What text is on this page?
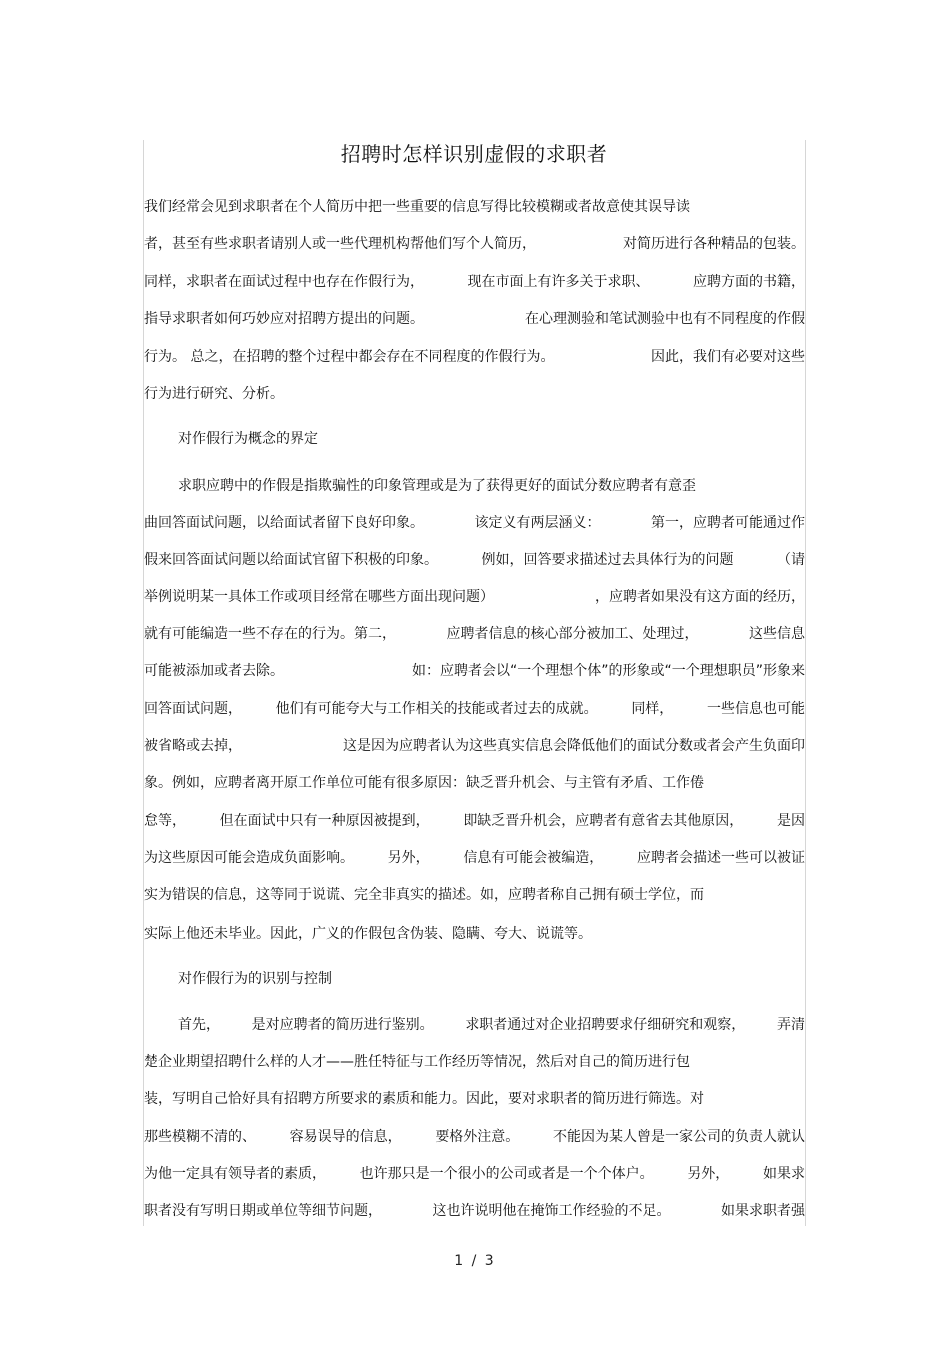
招聘时怎样识别虚假的求职者
我们经常会见到求职者在个人简历中把一些重要的信息写得比较模糊或者故意使其误导读
者，甚至有些求职者请别人或一些代理机构帮他们写个人简历，	对简历进行各种精品的包装。
同样，求职者在面试过程中也存在作假行为，	现在市面上有许多关于求职、	应聘方面的书籍，
指导求职者如何巧妙应对招聘方提出的问题。	在心理测验和笔试测验中也有不同程度的作假
行为。 总之，在招聘的整个过程中都会存在不同程度的作假行为。	因此，我们有必要对这些
行为进行研究、分析。
对作假行为概念的界定
求职应聘中的作假是指欺骗性的印象管理或是为了获得更好的面试分数应聘者有意歪
曲回答面试问题，以给面试者留下良好印象。	该定义有两层涵义：	第一，应聘者可能通过作
假来回答面试问题以给面试官留下积极的印象。	例如，回答要求描述过去具体行为的问题	（请
举例说明某一具体工作或项目经常在哪些方面出现问题）	，应聘者如果没有这方面的经历，
就有可能编造一些不存在的行为。第二，	应聘者信息的核心部分被加工、处理过，	这些信息
可能被添加或者去除。	如：应聘者会以“一个理想个体”的形象或“一个理想职员”形象来
回答面试问题， 他们有可能夸大与工作相关的技能或者过去的成就。 同样， 一些信息也可能
被省略或去掉，	这是因为应聘者认为这些真实信息会降低他们的面试分数或者会产生负面印
象。例如，应聘者离开原工作单位可能有很多原因：缺乏晋升机会、与主管有矛盾、工作倦
怠等， 但在面试中只有一种原因被提到， 即缺乏晋升机会，应聘者有意省去其他原因， 是因
为这些原因可能会造成负面影响。 另外， 信息有可能会被编造， 应聘者会描述一些可以被证
实为错误的信息，这等同于说谎、完全非真实的描述。如，应聘者称自己拥有硕士学位，而
实际上他还未毕业。因此，广义的作假包含伪装、隐瞒、夸大、说谎等。
对作假行为的识别与控制
首先， 是对应聘者的简历进行鉴别。 求职者通过对企业招聘要求仔细研究和观察， 弄清
楚企业期望招聘什么样的人才——胜任特征与工作经历等情况，然后对自己的简历进行包
装，写明自己恰好具有招聘方所要求的素质和能力。因此，要对求职者的简历进行筛选。对
那些模糊不清的、 容易误导的信息， 要格外注意。 不能因为某人曾是一家公司的负责人就认
为他一定具有领导者的素质， 也许那只是一个很小的公司或者是一个个体户。 另外， 如果求
职者没有写明日期或单位等细节问题，	这也许说明他在掩饰工作经验的不足。	如果求职者强
1 / 3
